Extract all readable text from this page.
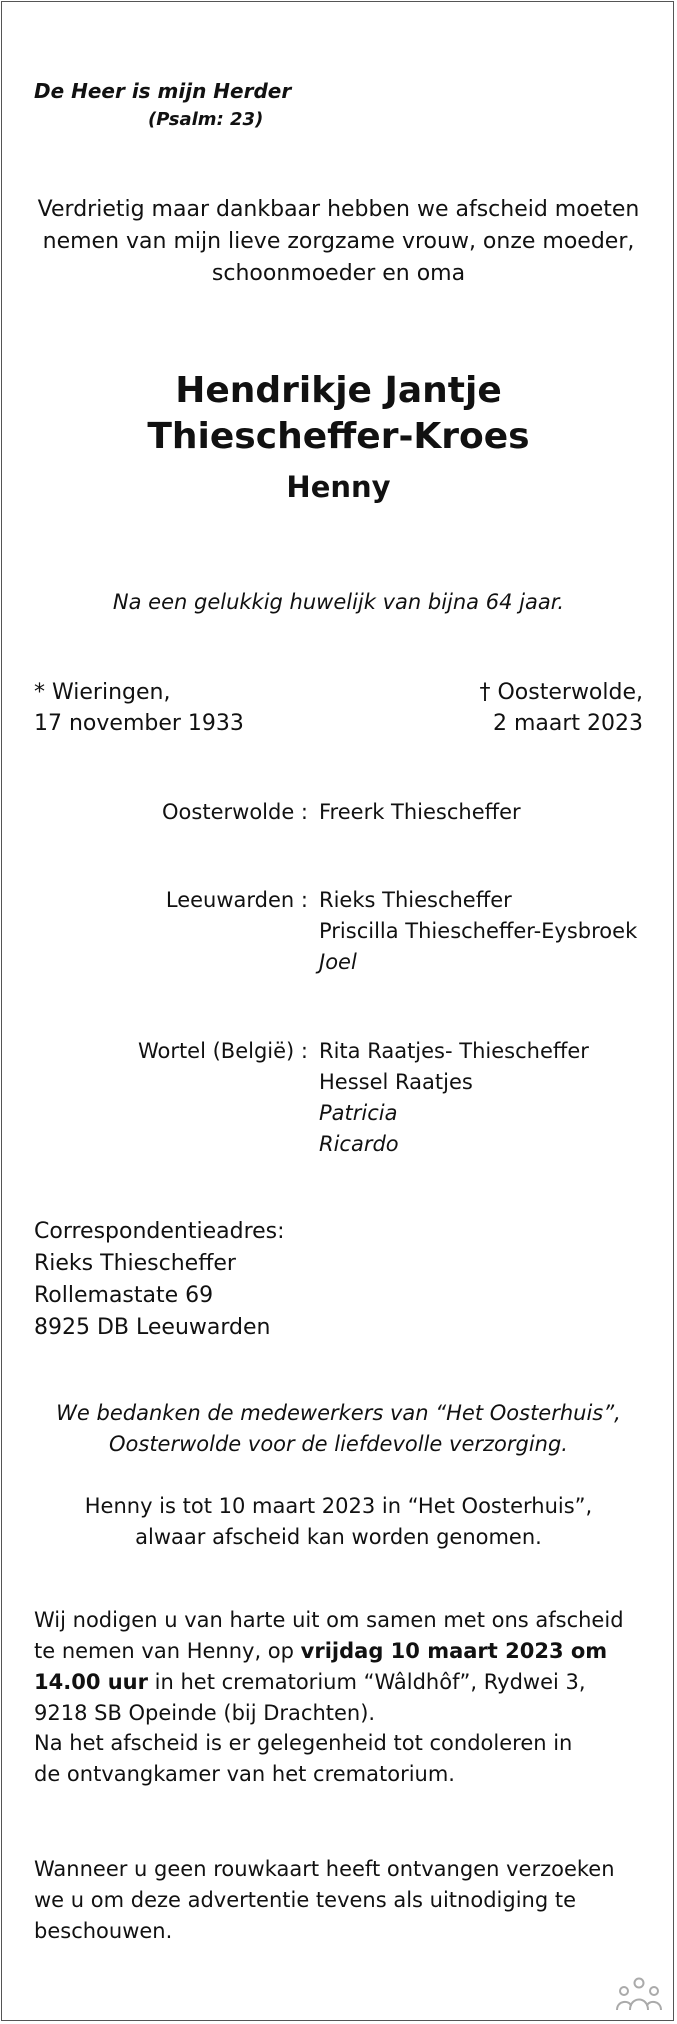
De Heer is mijn Herder
(Psalm: 23)
Verdrietig maar dankbaar hebben we afscheid moeten
nemen van mijn lieve zorgzame vrouw, onze moeder,
schoonmoeder en oma
Hendrikje Jantje
Thiescheffer-Kroes
Henny
Na een gelukkig huwelijk van bijna 64 jaar.
* Wieringen,
17 november 1933
† Oosterwolde,
2 maart 2023
Oosterwolde : Freerk Thiescheffer
Leeuwarden : Rieks Thiescheffer
Priscilla Thiescheffer-Eysbroek
Joel
Wortel (België) : Rita Raatjes- Thiescheffer
Hessel Raatjes
Patricia
Ricardo
Correspondentieadres:
Rieks Thiescheffer
Rollemastate 69
8925 DB Leeuwarden
We bedanken de medewerkers van “Het Oosterhuis”,
Oosterwolde voor de liefdevolle verzorging.
Henny is tot 10 maart 2023 in “Het Oosterhuis”,
alwaar afscheid kan worden genomen.
Wij nodigen u van harte uit om samen met ons afscheid
te nemen van Henny, op vrijdag 10 maart 2023 om
14.00 uur in het crematorium “Wâldhôf”, Rydwei 3,
9218 SB Opeinde (bij Drachten).
Na het afscheid is er gelegenheid tot condoleren in
de ontvangkamer van het crematorium.
Wanneer u geen rouwkaart heeft ontvangen verzoeken
we u om deze advertentie tevens als uitnodiging te
beschouwen.
